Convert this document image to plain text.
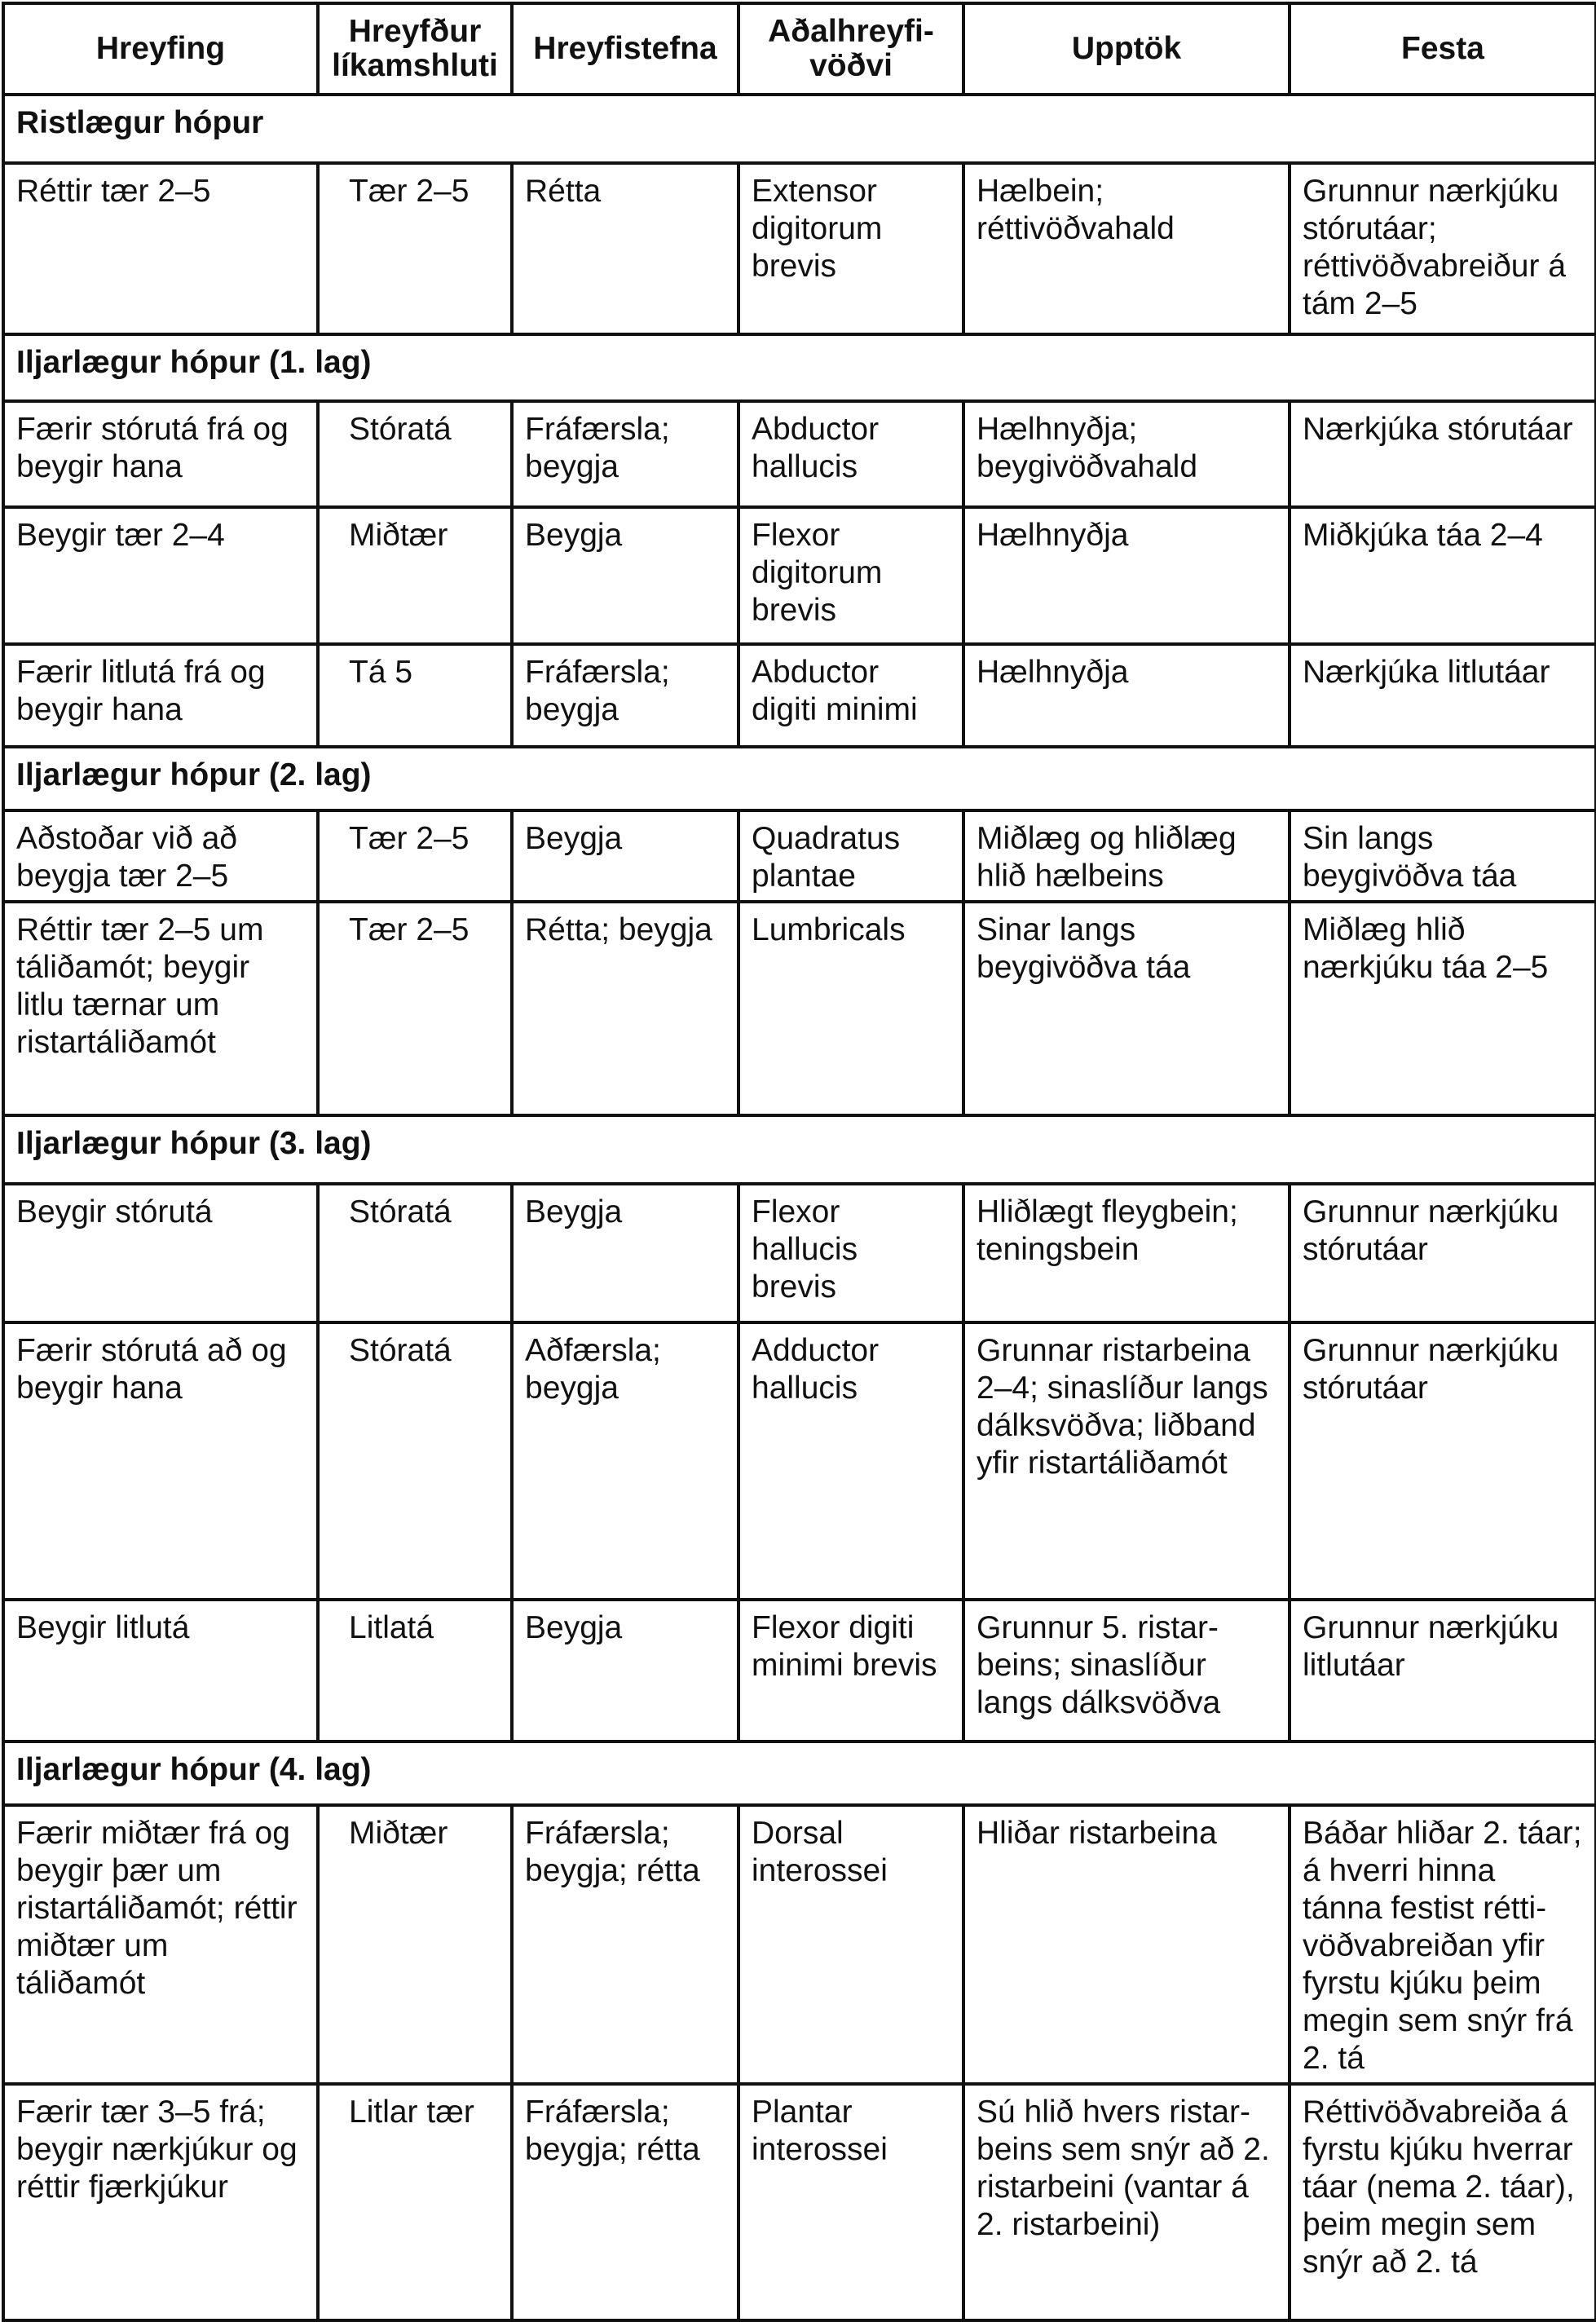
Hreyfing	Hreyfður líkamshluti	Hreyfistefna	Aðalhreyfi-vöðvi	Upptök	Festa
Ristlægur hópur					
Réttir tær 2–5	Tær 2–5	Rétta	Extensor digitorum brevis	Hælbein; réttivöðvahald	Grunnur nærkjúku stórutáar; réttivöðvabreiður á tám 2–5
Iljarlægur hópur (1. lag)					
Færir stórutá frá og beygir hana	Stóratá	Fráfærsla; beygja	Abductor hallucis	Hælhnyðja; beygivöðvahald	Nærkjúka stórutáar
Beygir tær 2–4	Miðtær	Beygja	Flexor digitorum brevis	Hælhnyðja	Miðkjúka táa 2–4
Færir litlutá frá og beygir hana	Tá 5	Fráfærsla; beygja	Abductor digiti minimi	Hælhnyðja	Nærkjúka litlutáar
Iljarlægur hópur (2. lag)					
Aðstoðar við að beygja tær 2–5	Tær 2–5	Beygja	Quadratus plantae	Miðlæg og hliðlæg hlið hælbeins	Sin langs beygivöðva táa
Réttir tær 2–5 um táliðamót; beygir litlu tærnar um ristartáliðamót	Tær 2–5	Rétta; beygja	Lumbricals	Sinar langs beygivöðva táa	Miðlæg hlið nærkjúku táa 2–5
Iljarlægur hópur (3. lag)					
Beygir stórutá	Stóratá	Beygja	Flexor hallucis brevis	Hliðlægt fleygbein; teningsbein	Grunnur nærkjúku stórutáar
Færir stórutá að og beygir hana	Stóratá	Aðfærsla; beygja	Adductor hallucis	Grunnar ristarbeina 2–4; sinaslíður langs dálksvöðva; liðband yfir ristartáliðamót	Grunnur nærkjúku stórutáar
Beygir litlutá	Litlatá	Beygja	Flexor digiti minimi brevis	Grunnur 5. ristar-beins; sinaslíður langs dálksvöðva	Grunnur nærkjúku litlutáar
Iljarlægur hópur (4. lag)					
Færir miðtær frá og beygir þær um ristartáliðamót; réttir miðtær um táliðamót	Miðtær	Fráfærsla; beygja; rétta	Dorsal interossei	Hliðar ristarbeina	Báðar hliðar 2. táar; á hverri hinna tánna festist rétti-vöðvabreiðan yfir fyrstu kjúku þeim megin sem snýr frá 2. tá
Færir tær 3–5 frá; beygir nærkjúkur og réttir fjærkjúkur	Litlar tær	Fráfærsla; beygja; rétta	Plantar interossei	Sú hlið hvers ristar-beins sem snýr að 2. ristarbeini (vantar á 2. ristarbeini)	Réttivöðvabreiða á fyrstu kjúku hverrar táar (nema 2. táar), þeim megin sem snýr að 2. tá
